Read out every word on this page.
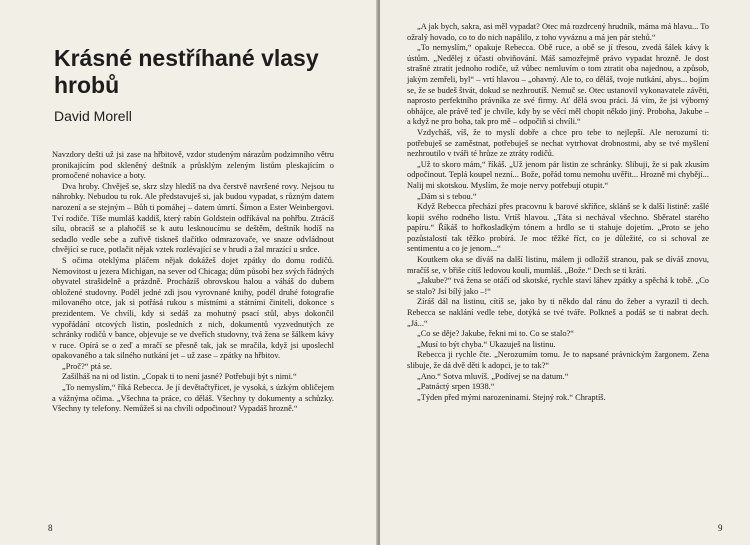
Krásné nestříhané vlasy hrobů
David Morell

Navzdory dešti už jsi zase na hřbitově, vzdor studeným nárazům podzimního větru pronikajícím pod skleněný deštník a průsklým zeleným listům pleskajícím o promočené nohavice a boty.

Dva hroby. Chvěješ se, skrz slzy hledíš na dva čerstvě navršené rovy. Nejsou tu náhrobky. Nebudou tu rok. Ale představuješ si, jak budou vypadat, s různým datem narození a se stejným – Bůh ti pomáhej – datem úmrtí. Šimon a Ester Weinbergovi. Tví rodiče. Tíše mumláš kaddiš, který rabín Goldstein odříkával na pohřbu. Ztrácíš sílu, obracíš se a plahočíš se k autu lesknoucímu se deštěm, deštník hodíš na sedadlo vedle sebe a zuřivě tiskneš tlačítko odmrazovače, ve snaze odvládnout chvějící se ruce, potlačit nějak vztek rozlévající se v hrudi a žal mrazící u srdce.

S očima oteklýma pláčem nějak dokážeš dojet zpátky do domu rodičů. Nemovitost u jezera Michigan, na sever od Chicaga; dům působí bez svých řádných obyvatel strašidelně a prázdně. Procházíš obrovskou halou a váháš do dubem obložené studovny. Podél jedné zdi jsou vyrovnané knihy, podél druhé fotografie milovaného otce, jak si potřásá rukou s místními a státními činiteli, dokonce s prezidentem. Ve chvíli, kdy si sedáš za mohutný psací stůl, abys dokončil vypořádání otcových listin, posledních z nich, dokumentů vyzvednutých ze schránky rodičů v bance, objevuje se ve dveřích studovny, tvá žena se šálkem kávy v ruce. Opírá se o zeď a mračí se přesně tak, jak se mračila, když jsi uposlechl opakovaného a tak silného nutkání jet – už zase – zpátky na hřbitov.

„Proč?“ ptá se.

Zašilháš na ni od listin. „Copak ti to není jasné? Potřebuji být s nimi.“

„To nemyslím,“ říká Rebecca. Je jí devětačtyřicet, je vysoká, s úzkým obličejem a vážnýma očima. „Všechna ta práce, co děláš. Všechny ty dokumenty a schůzky. Všechny ty telefony. Nemůžeš si na chvíli odpočinout? Vypadáš hrozně.“

8

„A jak bych, sakra, asi měl vypadat? Otec má rozdrcený hrudník, máma má hlavu... To ožralý hovado, co to do nich napálilo, z toho vyváznu a má jen pár stehů.“

„To nemyslím,“ opakuje Rebecca. Obě ruce, a obě se jí třesou, zvedá šálek kávy k ústům. „Nedělej z účasti obviňování. Máš samozřejmě právo vypadat hrozně. Je dost strašné ztratit jednoho rodiče, už vůbec nemluvím o tom ztratit oba najednou, a způsob, jakým zemřeli, byl“ – vrtí hlavou – „ohavný. Ale to, co děláš, tvoje nutkání, abys... bojím se, že se budeš štvát, dokud se nezhroutíš. Nemuč se. Otec ustanovil vykonavatele závěti, naprosto perfektního právníka ze své firmy. Ať dělá svou práci. Já vím, že jsi výborný obhájce, ale právě teď je chvíle, kdy by se věcí měl chopit někdo jiný. Proboha, Jakube – a když ne pro boha, tak pro mě – odpočiň si chvíli.“

Vzdycháš, víš, že to myslí dobře a chce pro tebe to nejlepší. Ale nerozumí ti: potřebuješ se zaměstnat, potřebuješ se nechat vytrhovat drobnostmi, aby se tvé myšlení nezhroutilo v tváři té hrůze ze ztráty rodičů.

„Už to skoro mám,“ říkáš. „Už jenom pár listin ze schránky. Slibuji, že si pak zkusím odpočinout. Teplá koupel nezní... Bože, pořád tomu nemohu uvěřit... Hrozně mi chybějí... Nalij mi skotskou. Myslím, že moje nervy potřebují otupit.“

„Dám si s tebou.“

Když Rebecca přechází přes pracovnu k barové skříňce, sklánš se k další listině: zašlé kopii svého rodného listu. Vrtíš hlavou. „Táta si nechával všechno. Sběratel starého papíru.“ Říkáš to hořkosladkým tónem a hrdlo se ti stahuje dojetím. „Proto se jeho pozůstalostí tak těžko probírá. Je moc těžké říct, co je důležité, co si schoval ze sentimentu a co je jenom...“

Koutkem oka se díváš na další listinu, málem ji odložíš stranou, pak se díváš znovu, mračíš se, v břiše cítíš ledovou kouli, mumláš. „Bože.“ Dech se ti krátí.

„Jakube?“ tvá žena se otáčí od skotské, rychle staví láhev zpátky a spěchá k tobě. „Co se stalo? Jsi bílý jako –!“

Zíráš dál na listinu, cítíš se, jako by ti někdo dal ránu do žeber a vyrazil ti dech. Rebecca se naklání vedle tebe, dotýká se tvé tváře. Polkneš a podáš se ti nabrat dech. „Já...“

„Co se děje? Jakube, řekni mi to. Co se stalo?“

„Musí to být chyba.“ Ukazuješ na listinu.

Rebecca ji rychle čte. „Nerozumím tomu. Je to napsané právnickým žargonem. Zena slibuje, že dá dvě děti k adopci, je to tak?“

„Ano.“ Sotva mluvíš. „Podívej se na datum.“

„Patnáctý srpen 1938.“

„Týden před mými narozeninami. Stejný rok.“ Chraptíš.

9
